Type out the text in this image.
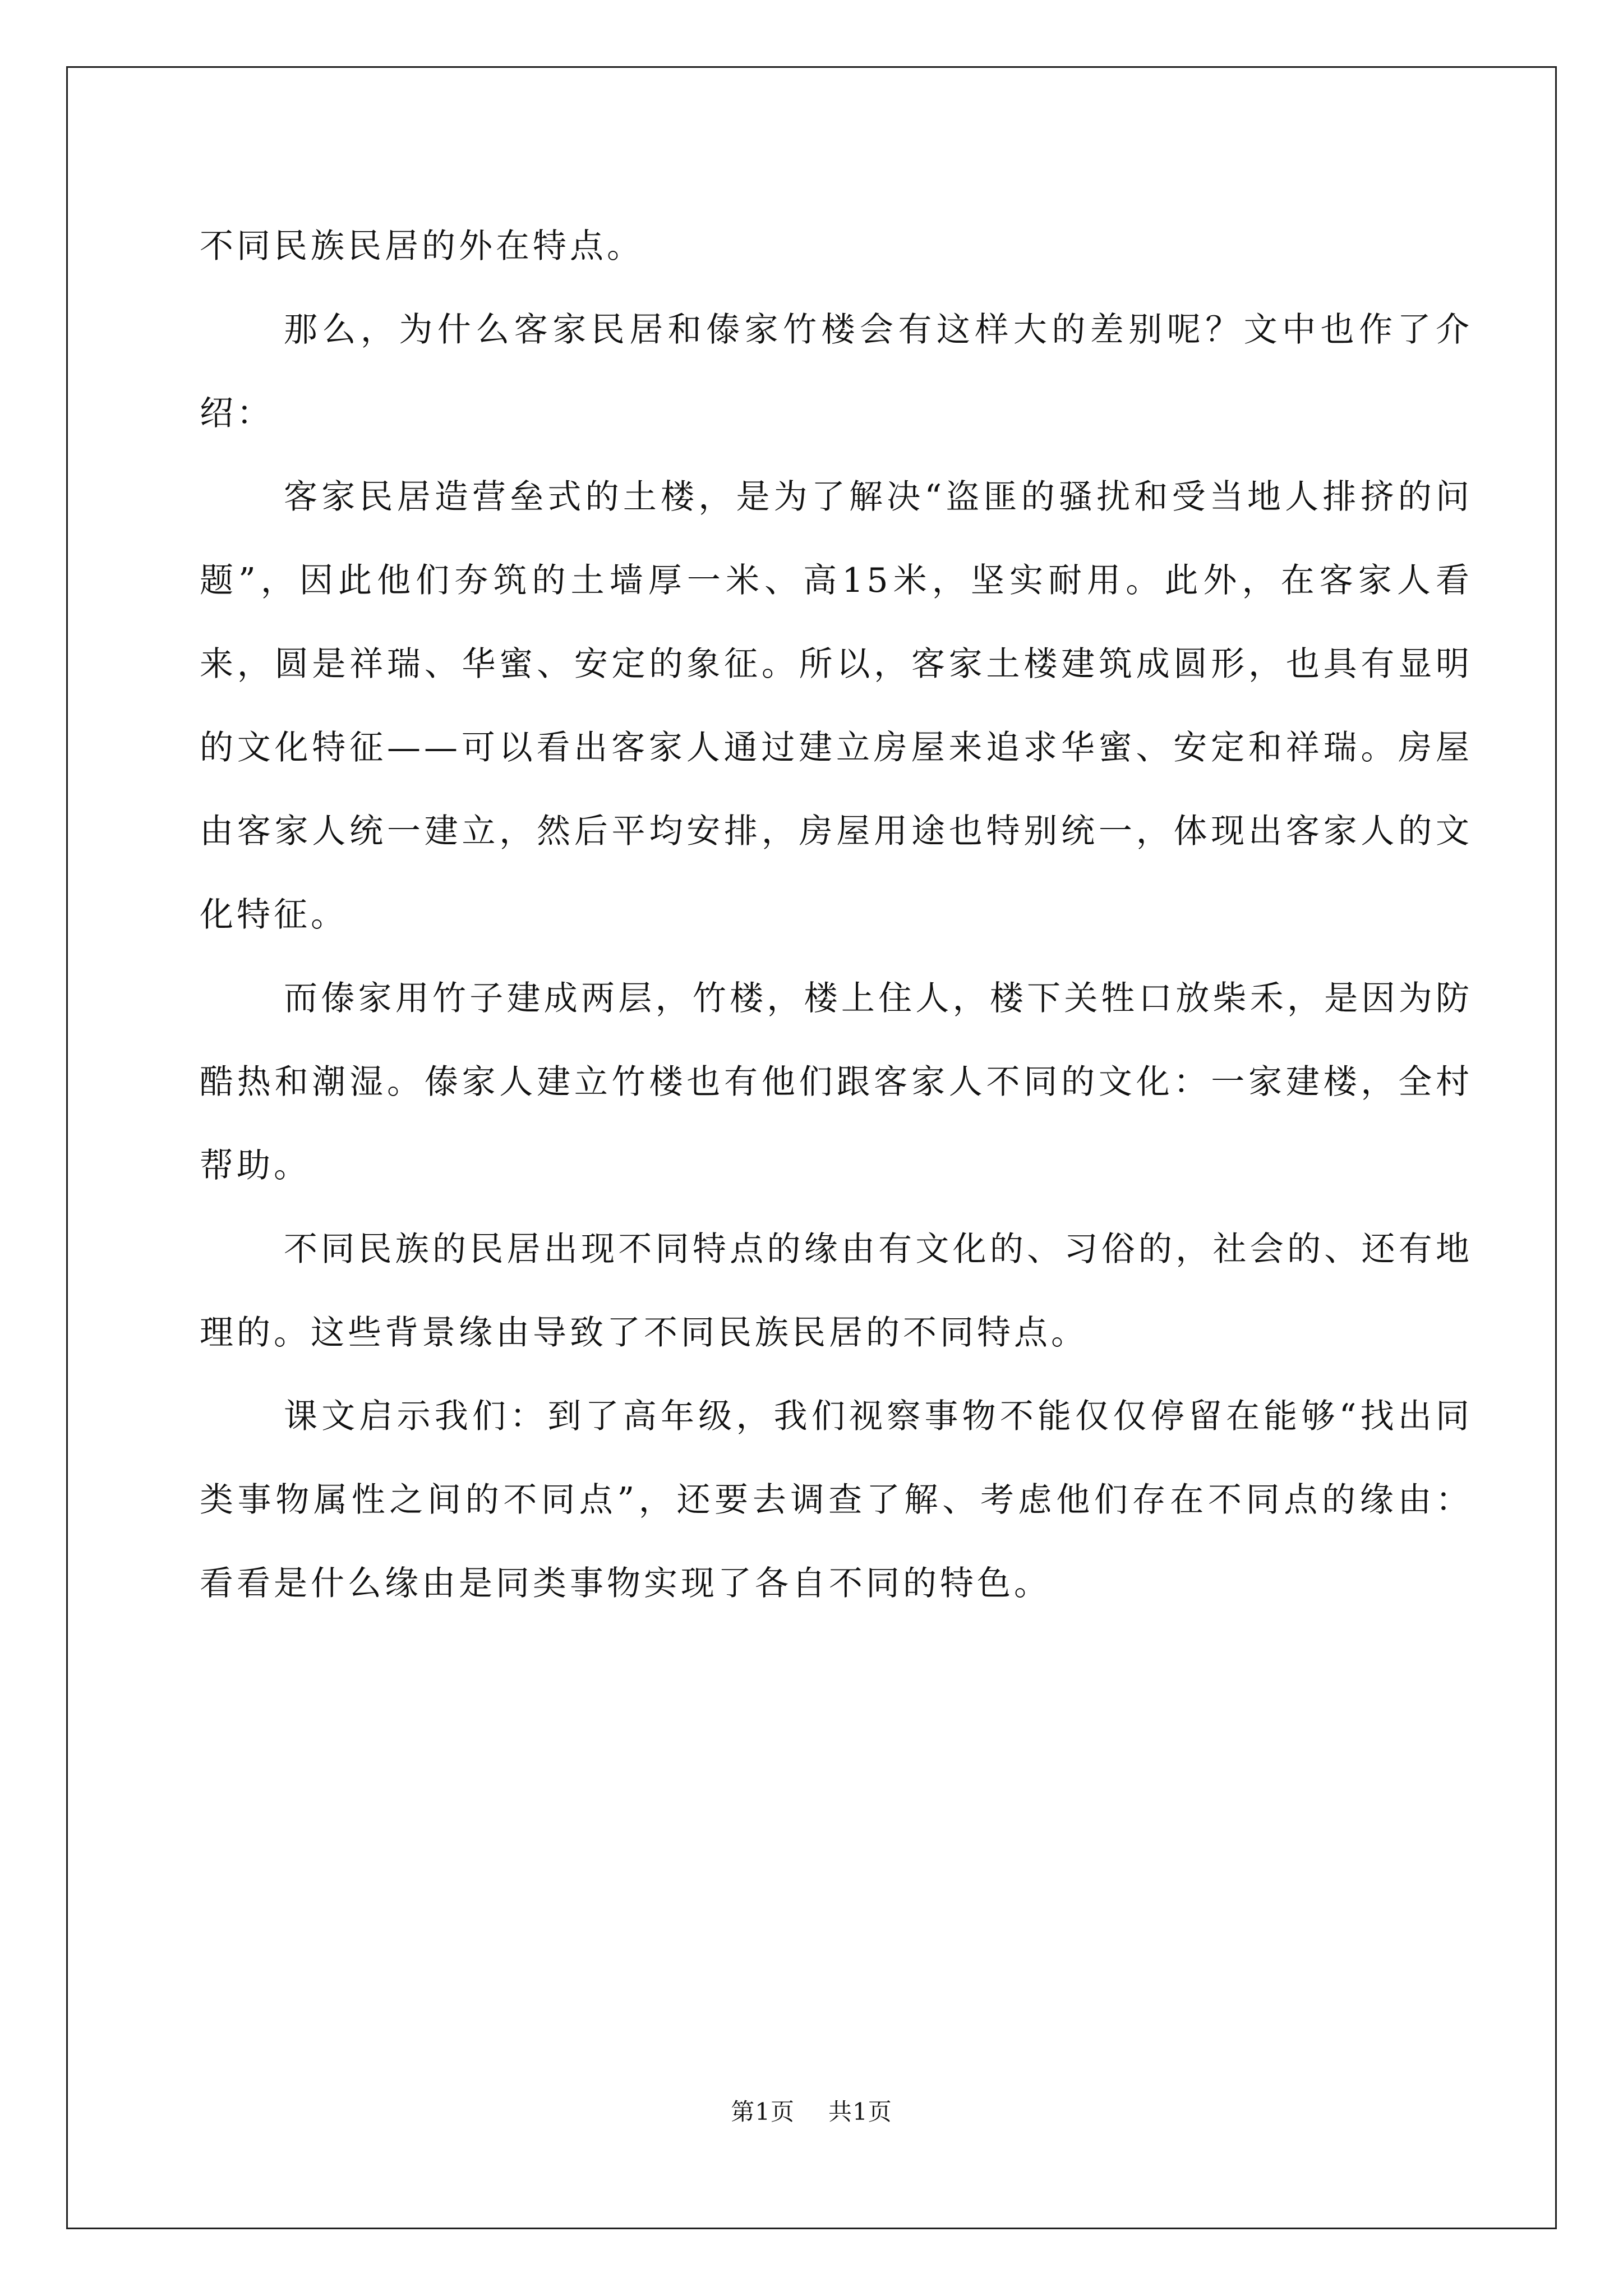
不同民族民居的外在特点。

那么，为什么客家民居和傣家竹楼会有这样大的差别呢？文中也作了介绍：

客家民居造营垒式的土楼，是为了解决“盗匪的骚扰和受当地人排挤的问题”，因此他们夯筑的土墙厚一米、高15米，坚实耐用。此外，在客家人看来，圆是祥瑞、华蜜、安定的象征。所以，客家土楼建筑成圆形，也具有显明的文化特征——可以看出客家人通过建立房屋来追求华蜜、安定和祥瑞。房屋由客家人统一建立，然后平均安排，房屋用途也特别统一，体现出客家人的文化特征。

而傣家用竹子建成两层，竹楼，楼上住人，楼下关牲口放柴禾，是因为防酷热和潮湿。傣家人建立竹楼也有他们跟客家人不同的文化：一家建楼，全村帮助。

不同民族的民居出现不同特点的缘由有文化的、习俗的，社会的、还有地理的。这些背景缘由导致了不同民族民居的不同特点。

课文启示我们：到了高年级，我们视察事物不能仅仅停留在能够“找出同类事物属性之间的不同点”，还要去调查了解、考虑他们存在不同点的缘由：看看是什么缘由是同类事物实现了各自不同的特色。

第1页 共1页
